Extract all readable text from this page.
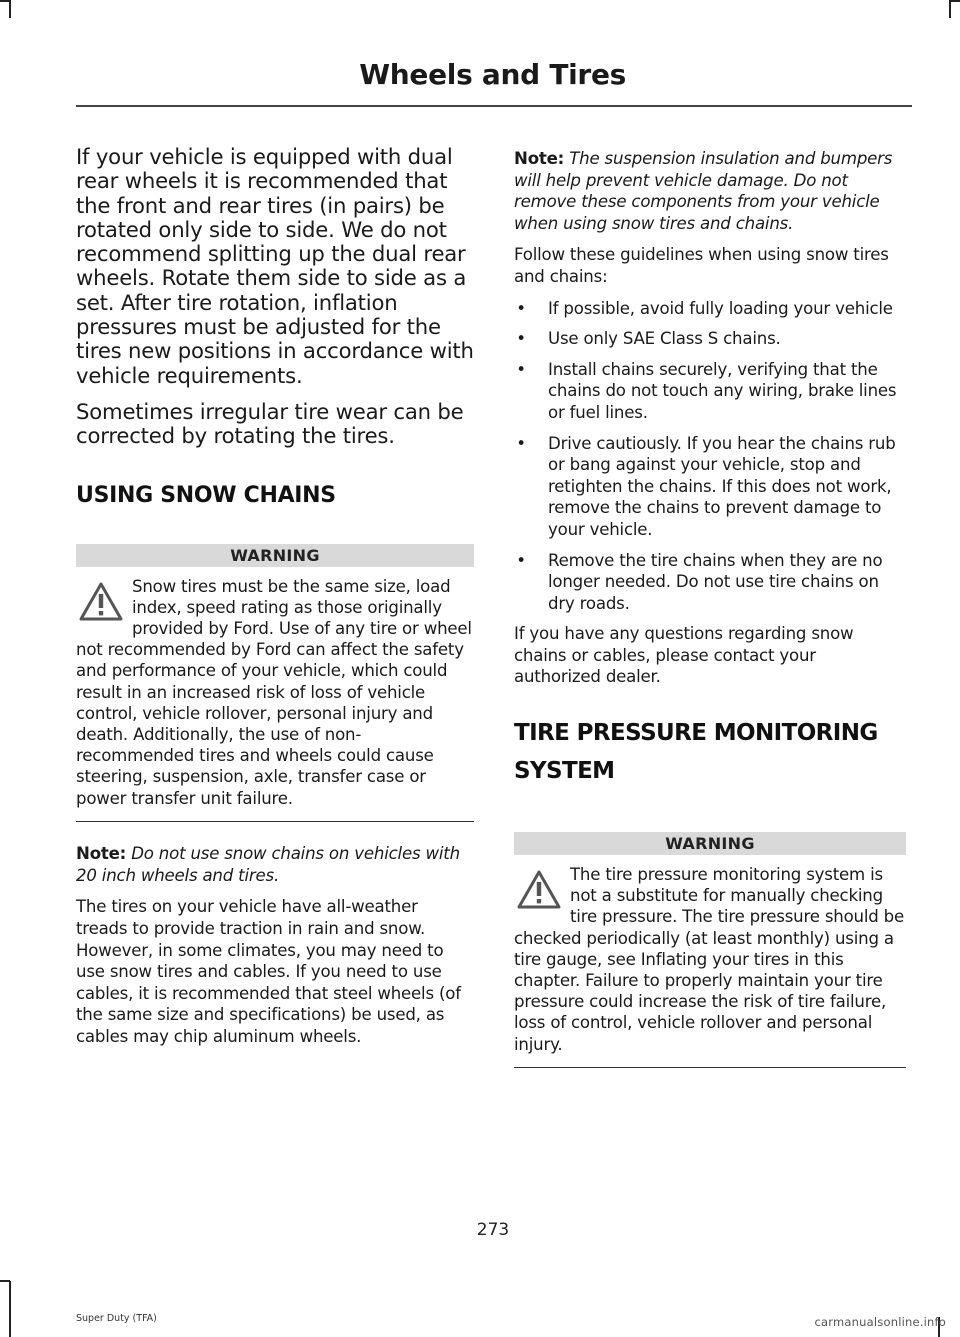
Wheels and Tires

If your vehicle is equipped with dual rear wheels it is recommended that the front and rear tires (in pairs) be rotated only side to side. We do not recommend splitting up the dual rear wheels. Rotate them side to side as a set. After tire rotation, inflation pressures must be adjusted for the tires new positions in accordance with vehicle requirements.

Sometimes irregular tire wear can be corrected by rotating the tires.

USING SNOW CHAINS
WARNING
Snow tires must be the same size, load index, speed rating as those originally provided by Ford. Use of any tire or wheel not recommended by Ford can affect the safety and performance of your vehicle, which could result in an increased risk of loss of vehicle control, vehicle rollover, personal injury and death. Additionally, the use of non-recommended tires and wheels could cause steering, suspension, axle, transfer case or power transfer unit failure.

Note: Do not use snow chains on vehicles with 20 inch wheels and tires.

The tires on your vehicle have all-weather treads to provide traction in rain and snow. However, in some climates, you may need to use snow tires and cables. If you need to use cables, it is recommended that steel wheels (of the same size and specifications) be used, as cables may chip aluminum wheels.

Note: The suspension insulation and bumpers will help prevent vehicle damage. Do not remove these components from your vehicle when using snow tires and chains.

Follow these guidelines when using snow tires and chains:

• If possible, avoid fully loading your vehicle
• Use only SAE Class S chains.
• Install chains securely, verifying that the chains do not touch any wiring, brake lines or fuel lines.
• Drive cautiously. If you hear the chains rub or bang against your vehicle, stop and retighten the chains. If this does not work, remove the chains to prevent damage to your vehicle.
• Remove the tire chains when they are no longer needed. Do not use tire chains on dry roads.

If you have any questions regarding snow chains or cables, please contact your authorized dealer.

TIRE PRESSURE MONITORING SYSTEM
WARNING
The tire pressure monitoring system is not a substitute for manually checking tire pressure. The tire pressure should be checked periodically (at least monthly) using a tire gauge, see Inflating your tires in this chapter. Failure to properly maintain your tire pressure could increase the risk of tire failure, loss of control, vehicle rollover and personal injury.
273
Super Duty (TFA)	carmanualsonline.info
